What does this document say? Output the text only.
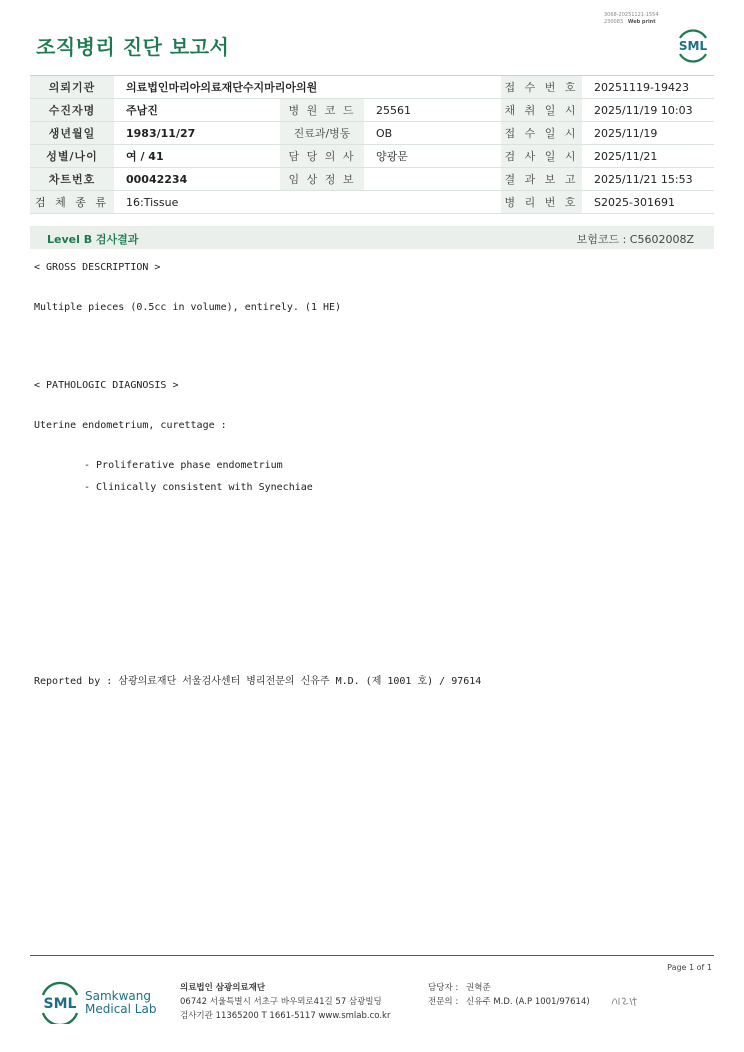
3068-20251121-1554
230083 Web print
조직병리 진단 보고서	SML
의뢰기관	의료법인마리아의료재단수지마리아의원			접 수 번 호	20251119-19423
수진자명	주남진	병 원 코 드	25561	채 취 일 시	2025/11/19 10:03
생년월일	1983/11/27	진료과/병동	OB	접 수 일 시	2025/11/19
성별/나이	여 / 41	담 당 의 사	양광문	검 사 일 시	2025/11/21
차트번호	00042234	임 상 정 보		결 과 보 고	2025/11/21 15:53
검 체 종 류	16:Tissue			병 리 번 호	S2025-301691
Level B 검사결과	보험코드 : C5602008Z
< GROSS DESCRIPTION >
Multiple pieces (0.5cc in volume), entirely. (1 HE)
< PATHOLOGIC DIAGNOSIS >
Uterine endometrium, curettage :
- Proliferative phase endometrium
- Clinically consistent with Synechiae
Reported by : 삼광의료재단 서울검사센터 병리전문의 신유주 M.D. (제 1001 호) / 97614
Page 1 of 1
SML Samkwang
Medical Lab
의료법인 삼광의료재단
06742 서울특별시 서초구 바우뫼로41길 57 삼광빌딩
검사기관 11365200 T 1661-5117 www.smlab.co.kr
담당자 : 권혁준
전문의 : 신유주 M.D. (A.P 1001/97614)
